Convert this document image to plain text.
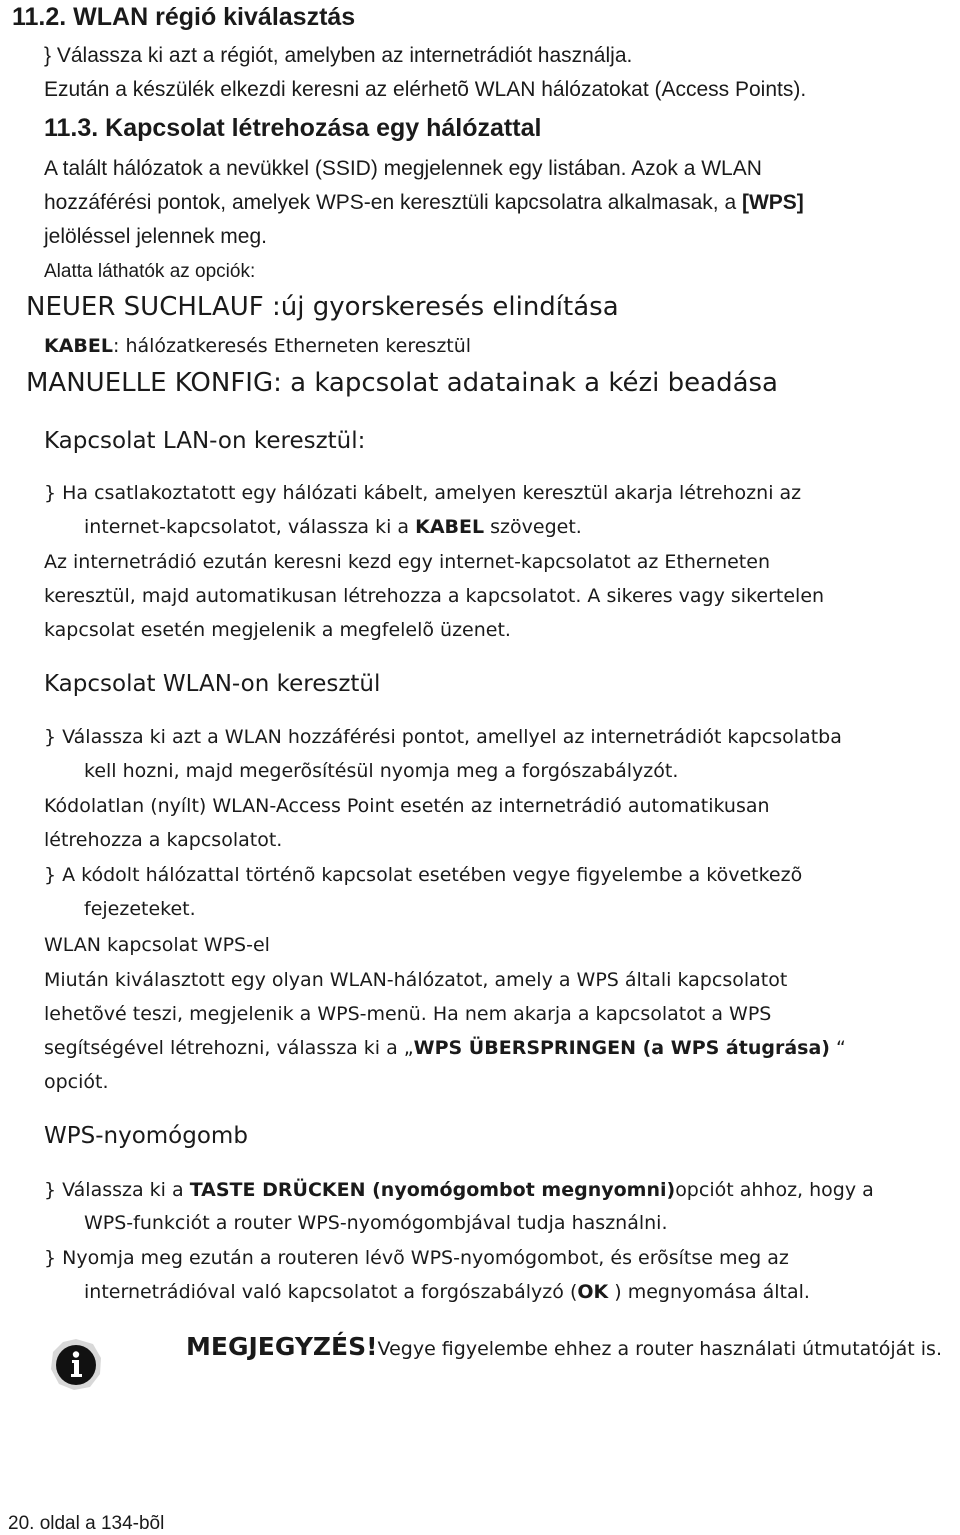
11.2. WLAN régió kiválasztás
} Válassza ki azt a régiót, amelyben az internetrádiót használja.
Ezután a készülék elkezdi keresni az elérhetõ WLAN hálózatokat (Access Points).
11.3. Kapcsolat létrehozása egy hálózattal
A talált hálózatok a nevükkel (SSID) megjelennek egy listában. Azok a WLAN
hozzáférési pontok, amelyek WPS-en keresztüli kapcsolatra alkalmasak, a [WPS]
jelöléssel jelennek meg.
Alatta láthatók az opciók:
NEUER SUCHLAUF :új gyorskeresés elindítása
KABEL: hálózatkeresés Etherneten keresztül
MANUELLE KONFIG: a kapcsolat adatainak a kézi beadása
Kapcsolat LAN-on keresztül:
} Ha csatlakoztatott egy hálózati kábelt, amelyen keresztül akarja létrehozni az
internet-kapcsolatot, válassza ki a KABEL szöveget.
Az internetrádió ezután keresni kezd egy internet-kapcsolatot az Etherneten
keresztül, majd automatikusan létrehozza a kapcsolatot. A sikeres vagy sikertelen
kapcsolat esetén megjelenik a megfelelõ üzenet.
Kapcsolat WLAN-on keresztül
} Válassza ki azt a WLAN hozzáférési pontot, amellyel az internetrádiót kapcsolatba
kell hozni, majd megerõsítésül nyomja meg a forgószabályzót.
Kódolatlan (nyílt) WLAN-Access Point esetén az internetrádió automatikusan
létrehozza a kapcsolatot.
} A kódolt hálózattal történõ kapcsolat esetében vegye figyelembe a következõ
fejezeteket.
WLAN kapcsolat WPS-el
Miután kiválasztott egy olyan WLAN-hálózatot, amely a WPS általi kapcsolatot
lehetõvé teszi, megjelenik a WPS-menü. Ha nem akarja a kapcsolatot a WPS
segítségével létrehozni, válassza ki a „WPS ÜBERSPRINGEN (a WPS átugrása) “
opciót.
WPS-nyomógomb
} Válassza ki a TASTE DRÜCKEN (nyomógombot megnyomni)opciót ahhoz, hogy a
WPS-funkciót a router WPS-nyomógombjával tudja használni.
} Nyomja meg ezután a routeren lévõ WPS-nyomógombot, és erõsítse meg az
internetrádióval való kapcsolatot a forgószabályzó (OK ) megnyomása által.
MEGJEGYZÉS!Vegye figyelembe ehhez a router használati útmutatóját is.
20. oldal a 134-bõl
